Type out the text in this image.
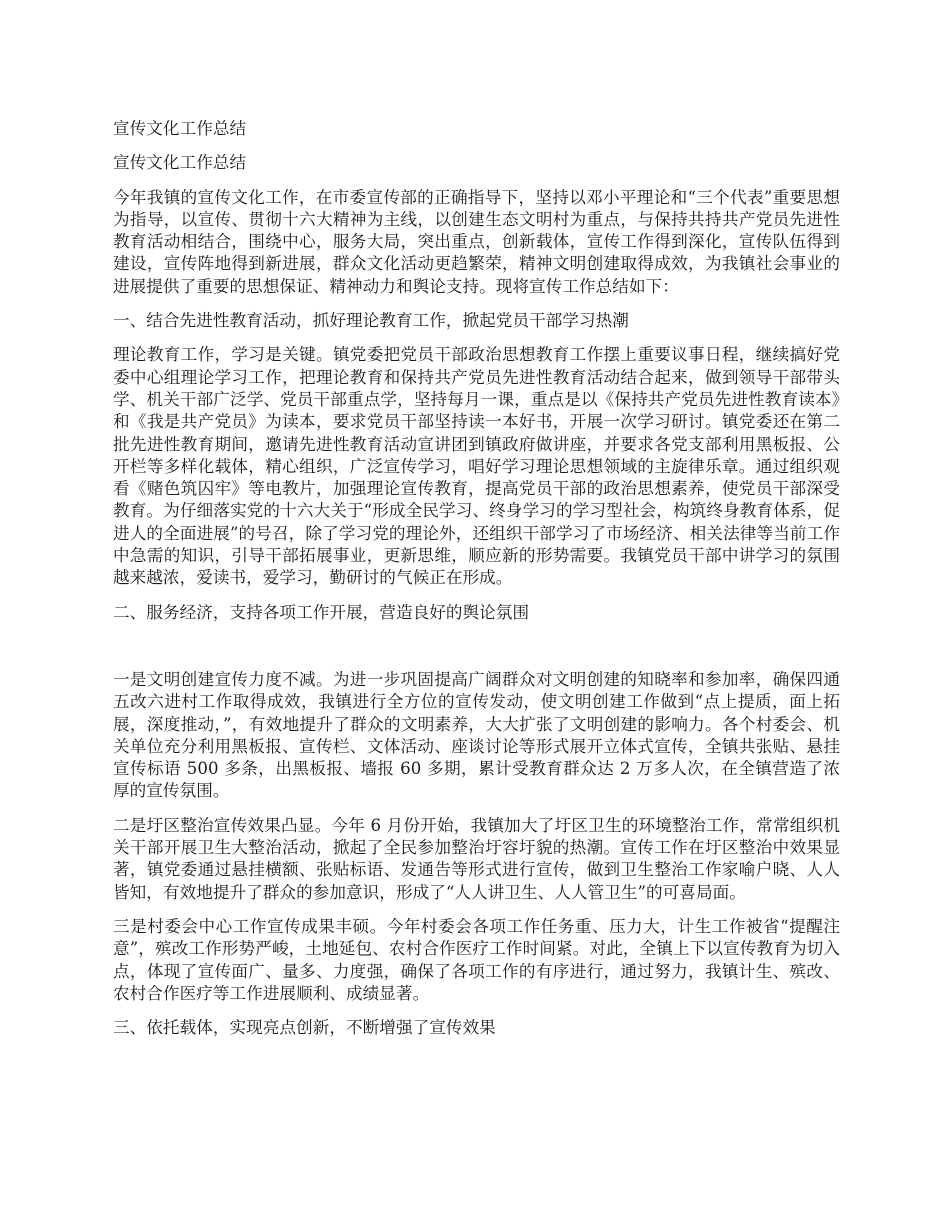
宣传文化工作总结

宣传文化工作总结

今年我镇的宣传文化工作，在市委宣传部的正确指导下，坚持以邓小平理论和“三个代表”重要思想为指导，以宣传、贯彻十六大精神为主线，以创建生态文明村为重点，与保持共持共产党员先进性教育活动相结合，围绕中心，服务大局，突出重点，创新载体，宣传工作得到深化，宣传队伍得到建设，宣传阵地得到新进展，群众文化活动更趋繁荣，精神文明创建取得成效，为我镇社会事业的进展提供了重要的思想保证、精神动力和舆论支持。现将宣传工作总结如下：

一、结合先进性教育活动，抓好理论教育工作，掀起党员干部学习热潮

理论教育工作，学习是关键。镇党委把党员干部政治思想教育工作摆上重要议事日程，继续搞好党委中心组理论学习工作，把理论教育和保持共产党员先进性教育活动结合起来，做到领导干部带头学、机关干部广泛学、党员干部重点学，坚持每月一课，重点是以《保持共产党员先进性教育读本》和《我是共产党员》为读本，要求党员干部坚持读一本好书，开展一次学习研讨。镇党委还在第二批先进性教育期间，邀请先进性教育活动宣讲团到镇政府做讲座，并要求各党支部利用黑板报、公开栏等多样化载体，精心组织，广泛宣传学习，唱好学习理论思想领域的主旋律乐章。通过组织观看《赌色筑囚牢》等电教片，加强理论宣传教育，提高党员干部的政治思想素养，使党员干部深受教育。为仔细落实党的十六大关于“形成全民学习、终身学习的学习型社会，构筑终身教育体系，促进人的全面进展”的号召，除了学习党的理论外，还组织干部学习了市场经济、相关法律等当前工作中急需的知识，引导干部拓展事业，更新思维，顺应新的形势需要。我镇党员干部中讲学习的氛围越来越浓，爱读书，爱学习，勤研讨的气候正在形成。

二、服务经济，支持各项工作开展，营造良好的舆论氛围

一是文明创建宣传力度不减。为进一步巩固提高广阔群众对文明创建的知晓率和参加率，确保四通五改六进村工作取得成效，我镇进行全方位的宣传发动，使文明创建工作做到“点上提质，面上拓展，深度推动，”，有效地提升了群众的文明素养，大大扩张了文明创建的影响力。各个村委会、机关单位充分利用黑板报、宣传栏、文体活动、座谈讨论等形式展开立体式宣传，全镇共张贴、悬挂宣传标语 500 多条，出黑板报、墙报 60 多期，累计受教育群众达 2 万多人次，在全镇营造了浓厚的宣传氛围。

二是圩区整治宣传效果凸显。今年 6 月份开始，我镇加大了圩区卫生的环境整治工作，常常组织机关干部开展卫生大整治活动，掀起了全民参加整治圩容圩貌的热潮。宣传工作在圩区整治中效果显著，镇党委通过悬挂横额、张贴标语、发通告等形式进行宣传，做到卫生整治工作家喻户晓、人人皆知，有效地提升了群众的参加意识，形成了“人人讲卫生、人人管卫生”的可喜局面。

三是村委会中心工作宣传成果丰硕。今年村委会各项工作任务重、压力大，计生工作被省“提醒注意”，殡改工作形势严峻，土地延包、农村合作医疗工作时间紧。对此，全镇上下以宣传教育为切入点，体现了宣传面广、量多、力度强，确保了各项工作的有序进行，通过努力，我镇计生、殡改、农村合作医疗等工作进展顺利、成绩显著。

三、依托载体，实现亮点创新，不断增强了宣传效果
